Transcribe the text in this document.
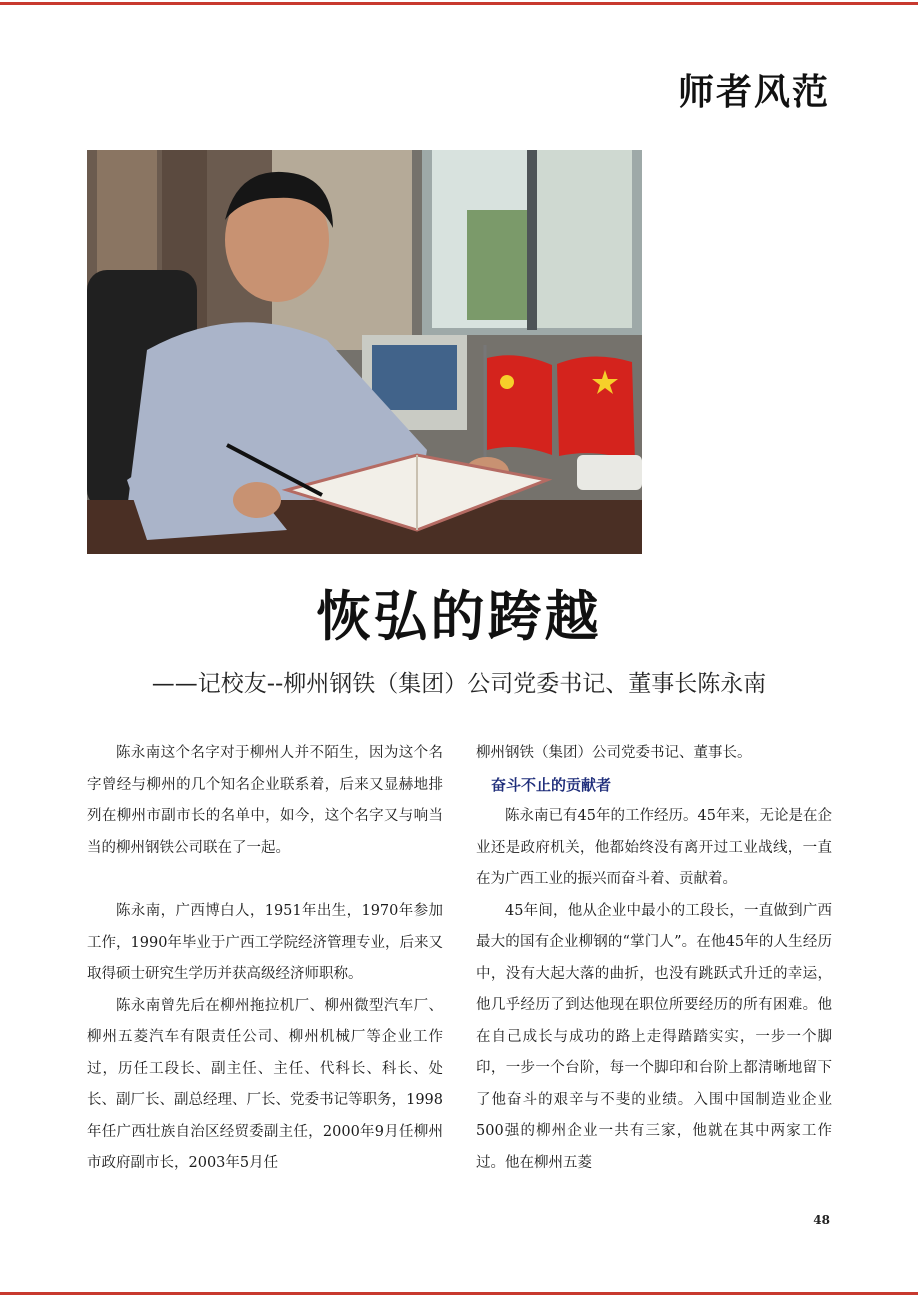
师者风范
恢弘的跨越
——记校友--柳州钢铁（集团）公司党委书记、董事长陈永南

陈永南这个名字对于柳州人并不陌生，因为这个名字曾经与柳州的几个知名企业联系着，后来又显赫地排列在柳州市副市长的名单中，如今，这个名字又与响当当的柳州钢铁公司联在了一起。

陈永南，广西博白人，1951年出生，1970年参加工作，1990年毕业于广西工学院经济管理专业，后来又取得硕士研究生学历并获高级经济师职称。

陈永南曾先后在柳州拖拉机厂、柳州微型汽车厂、柳州五菱汽车有限责任公司、柳州机械厂等企业工作过，历任工段长、副主任、主任、代科长、科长、处长、副厂长、副总经理、厂长、党委书记等职务，1998年任广西壮族自治区经贸委副主任，2000年9月任柳州市政府副市长，2003年5月任

柳州钢铁（集团）公司党委书记、董事长。

奋斗不止的贡献者

陈永南已有45年的工作经历。45年来，无论是在企业还是政府机关，他都始终没有离开过工业战线，一直在为广西工业的振兴而奋斗着、贡献着。

45年间，他从企业中最小的工段长，一直做到广西最大的国有企业柳钢的“掌门人”。在他45年的人生经历中，没有大起大落的曲折，也没有跳跃式升迁的幸运，他几乎经历了到达他现在职位所要经历的所有困难。他在自己成长与成功的路上走得踏踏实实，一步一个脚印，一步一个台阶，每一个脚印和台阶上都清晰地留下了他奋斗的艰辛与不斐的业绩。入围中国制造业企业500强的柳州企业一共有三家，他就在其中两家工作过。他在柳州五菱

48
